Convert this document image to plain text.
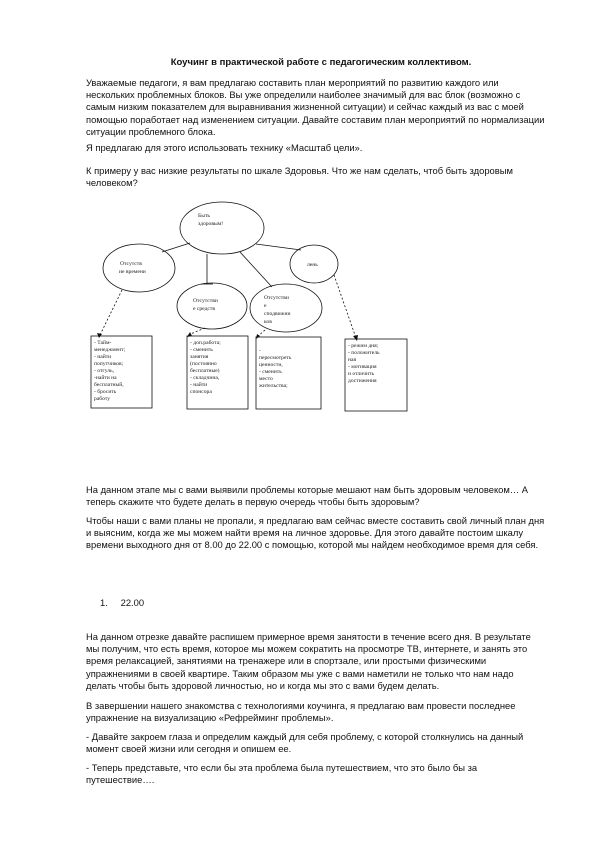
Коучинг в практической работе с педагогическим коллективом.

Уважаемые педагоги, я вам предлагаю составить план мероприятий по развитию каждого или
нескольких проблемных блоков. Вы уже определили наиболее значимый для вас блок (возможно с
самым низким показателем для выравнивания жизненной ситуации) и сейчас каждый из вас с моей
помощью поработает над изменением ситуации. Давайте составим план мероприятий по нормализации
ситуации проблемного блока.

Я предлагаю для этого использовать технику «Масштаб цели».

К примеру у вас низкие результаты по шкале Здоровья. Что же нам сделать, чтоб быть здоровым
человеком?

Быть здоровым!
Отсутств ие времени
Отсутстви е средств
Отсутстви е сподвижни ков
лень
- Тайм- менеджмент; - найти попутчиков; - отгуль, -найти на бесплатный, - бросить работу
- доп.работа; - сменить занятия (постоянно бесплатные) - складчина, - найти спонсора
- пересмотреть ценности, - сменить место жительства;
- режим дня; - положитель ная - мотивация и отличить достижения

На данном этапе мы с вами выявили проблемы которые мешают нам быть здоровым человеком… А
теперь скажите что будете делать в первую очередь чтобы быть здоровым?

Чтобы наши с вами планы не пропали, я предлагаю вам сейчас вместе составить свой личный план дня
и выясним, когда же мы можем найти время на личное здоровье. Для этого давайте постоим шкалу
времени выходного дня от 8.00 до 22.00 с помощью, которой мы найдем необходимое время для себя.

1. 22.00

На данном отрезке давайте распишем примерное время занятости в течение всего дня. В результате
мы получим, что есть время, которое мы можем сократить на просмотре ТВ, интернете, и занять это
время релаксацией, занятиями на тренажере или в спортзале, или простыми физическими
упражнениями в своей квартире. Таким образом мы уже с вами наметили не только что нам надо
делать чтобы быть здоровой личностью, но и когда мы это с вами будем делать.

В завершении нашего знакомства с технологиями коучинга, я предлагаю вам провести последнее
упражнение на визуализацию «Рефрейминг проблемы».

- Давайте закроем глаза и определим каждый для себя проблему, с которой столкнулись на данный
момент своей жизни или сегодня и опишем ее.

- Теперь представьте, что если бы эта проблема была путешествием, что это было бы за
путешествие….
